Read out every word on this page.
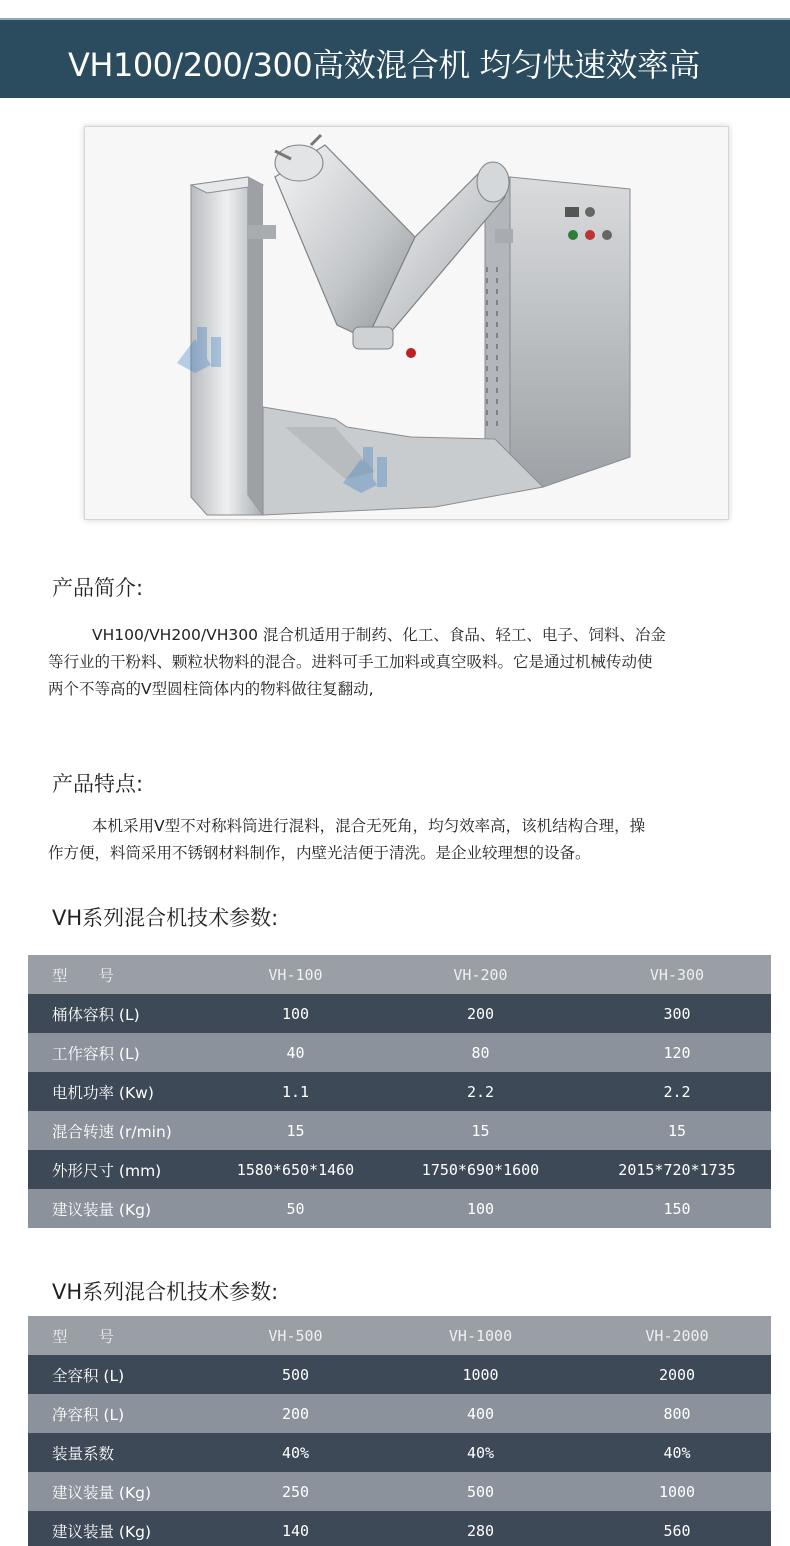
VH100/200/300高效混合机 均匀快速效率高
产品简介:
VH100/VH200/VH300 混合机适用于制药、化工、食品、轻工、电子、饲料、冶金
等行业的干粉料、颗粒状物料的混合。进料可手工加料或真空吸料。它是通过机械传动使
两个不等高的V型圆柱筒体内的物料做往复翻动,
产品特点:
本机采用V型不对称料筒进行混料，混合无死角，均匀效率高，该机结构合理，操
作方便，料筒采用不锈钢材料制作，内壁光洁便于清洗。是企业较理想的设备。
VH系列混合机技术参数:
型　　号	VH-100	VH-200	VH-300
桶体容积 (L)	100	200	300
工作容积 (L)	40	80	120
电机功率 (Kw)	1.1	2.2	2.2
混合转速 (r/min)	15	15	15
外形尺寸 (mm)	1580*650*1460	1750*690*1600	2015*720*1735
建议装量 (Kg)	50	100	150
VH系列混合机技术参数:
型　　号	VH-500	VH-1000	VH-2000
全容积 (L)	500	1000	2000
净容积 (L)	200	400	800
装量系数	40%	40%	40%
建议装量 (Kg)	250	500	1000
建议装量 (Kg)	140	280	560
